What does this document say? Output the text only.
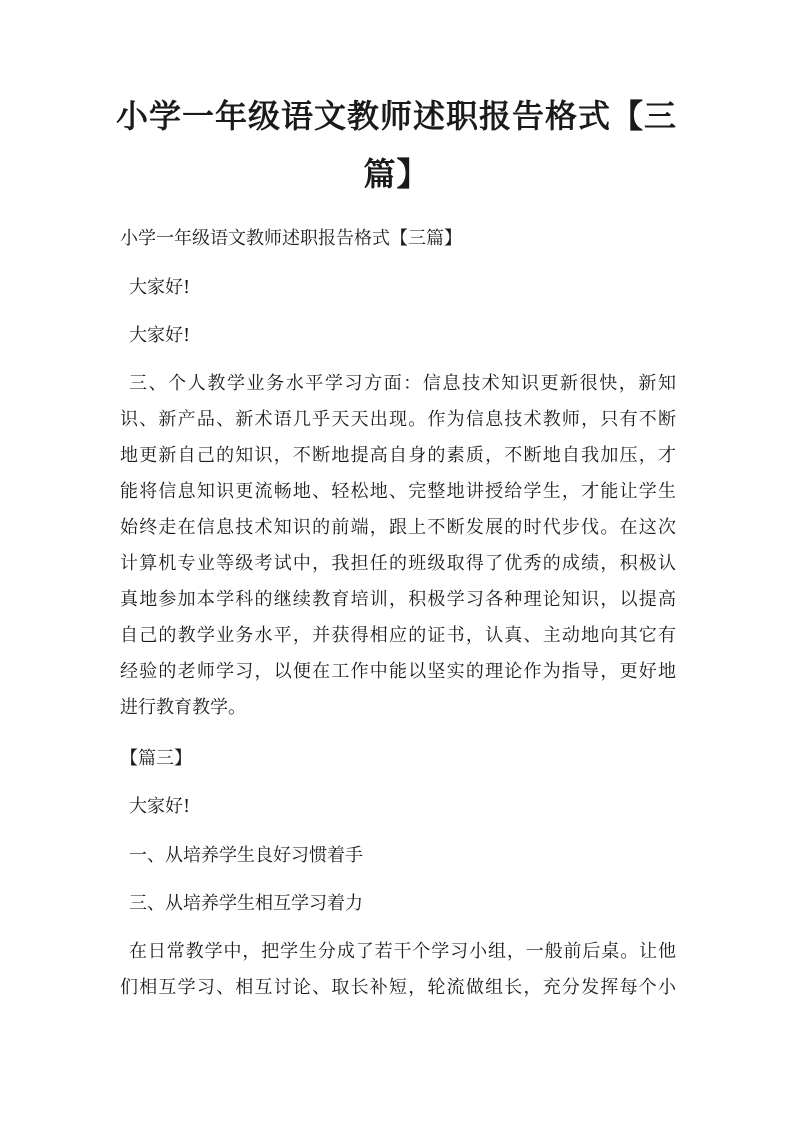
小学一年级语文教师述职报告格式【三
篇】

小学一年级语文教师述职报告格式【三篇】

大家好!

大家好!

三、个人教学业务水平学习方面：信息技术知识更新很快，新知
识、新产品、新术语几乎天天出现。作为信息技术教师，只有不断
地更新自己的知识，不断地提高自身的素质，不断地自我加压，才
能将信息知识更流畅地、轻松地、完整地讲授给学生，才能让学生
始终走在信息技术知识的前端，跟上不断发展的时代步伐。在这次
计算机专业等级考试中，我担任的班级取得了优秀的成绩，积极认
真地参加本学科的继续教育培训，积极学习各种理论知识，以提高
自己的教学业务水平，并获得相应的证书，认真、主动地向其它有
经验的老师学习，以便在工作中能以坚实的理论作为指导，更好地
进行教育教学。

【篇三】

大家好!

一、从培养学生良好习惯着手

三、从培养学生相互学习着力

在日常教学中，把学生分成了若干个学习小组，一般前后桌。让他
们相互学习、相互讨论、取长补短，轮流做组长，充分发挥每个小
